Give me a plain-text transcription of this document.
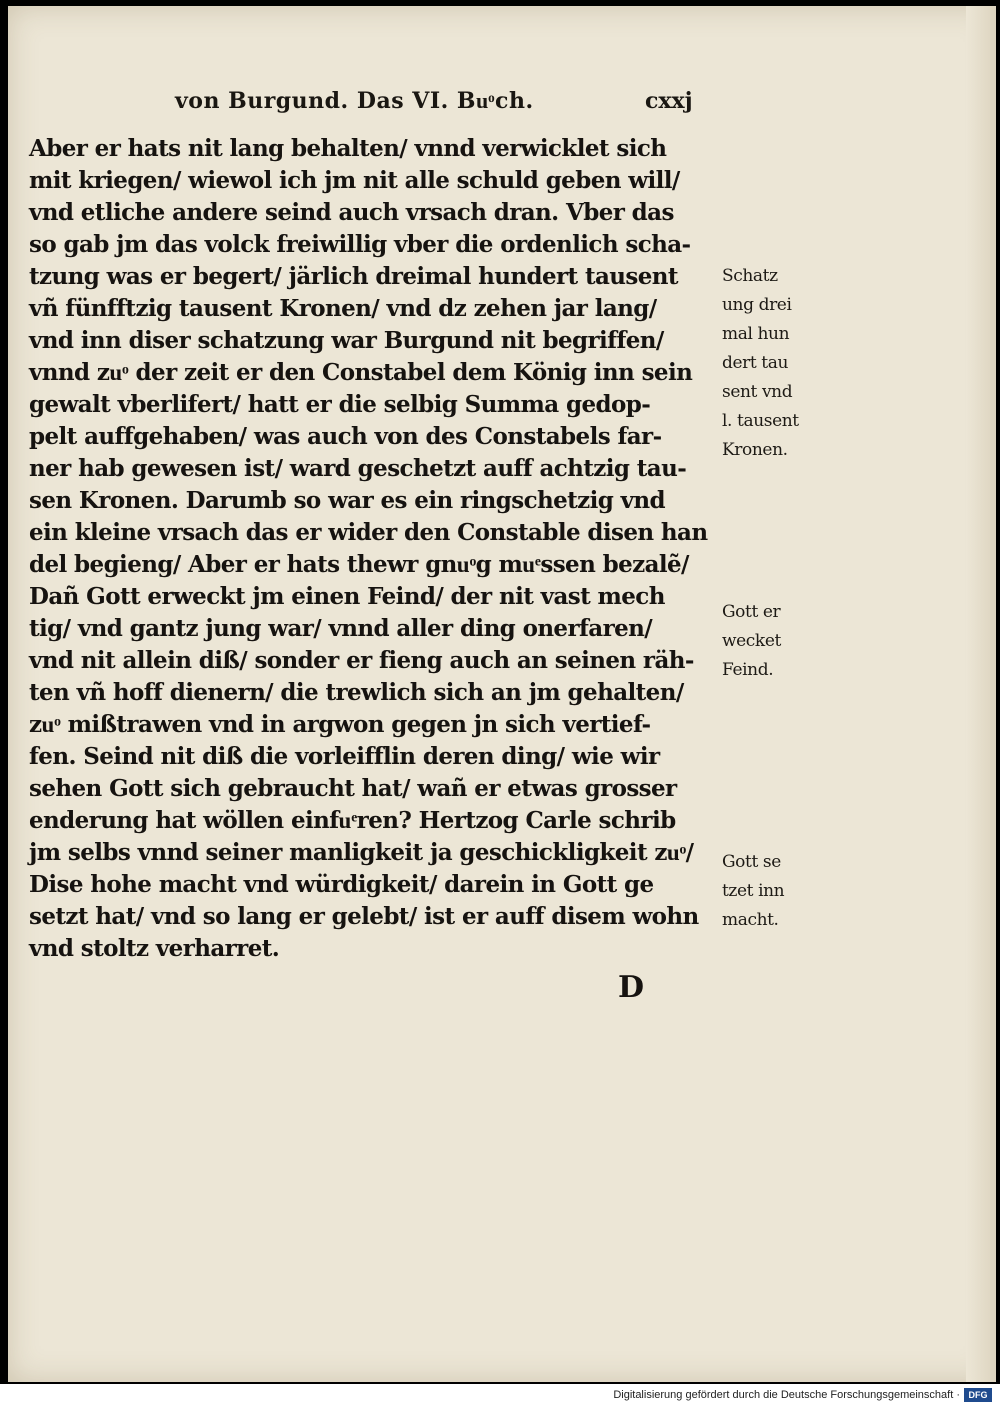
von Burgund. Das VI. Buͦch.	cxxj
Aber er hats nit lang behalten/ vnnd verwicklet sich
mit kriegen/ wiewol ich jm nit alle schuld geben will/
vnd etliche andere seind auch vrsach dran. Vber das
so gab jm das volck freiwillig vber die ordenlich scha-
tzung was er begert/ järlich dreimal hundert tausent
vñ fünfftzig tausent Kronen/ vnd dz zehen jar lang/
vnd inn diser schatzung war Burgund nit begriffen/
vnnd zuͦ der zeit er den Constabel dem König inn sein
gewalt vberlifert/ hatt er die selbig Summa gedop-
pelt auffgehaben/ was auch von des Constabels far-
ner hab gewesen ist/ ward geschetzt auff achtzig tau-
sen Kronen. Darumb so war es ein ringschetzig vnd
ein kleine vrsach das er wider den Constable disen han
del begieng/ Aber er hats thewr gnuͦg muͤssen bezalẽ/
Dañ Gott erweckt jm einen Feind/ der nit vast mech
tig/ vnd gantz jung war/ vnnd aller ding onerfaren/
vnd nit allein diß/ sonder er fieng auch an seinen räh-
ten vñ hoff dienern/ die trewlich sich an jm gehalten/
zuͦ mißtrawen vnd in argwon gegen jn sich vertief-
fen. Seind nit diß die vorleifflin deren ding/ wie wir
sehen Gott sich gebraucht hat/ wañ er etwas grosser
enderung hat wöllen einfuͤren? Hertzog Carle schrib
jm selbs vnnd seiner manligkeit ja geschickligkeit zuͦ/
Dise hohe macht vnd würdigkeit/ darein in Gott ge
setzt hat/ vnd so lang er gelebt/ ist er auff disem wohn
vnd stoltz verharret.
Schatz
ung drei
mal hun
dert tau
sent vnd
l. tausent
Kronen.
Gott er
wecket
Feind.
Gott se
tzet inn
macht.
D
Digitalisierung gefördert durch die Deutsche Forschungsgemeinschaft · DFG
